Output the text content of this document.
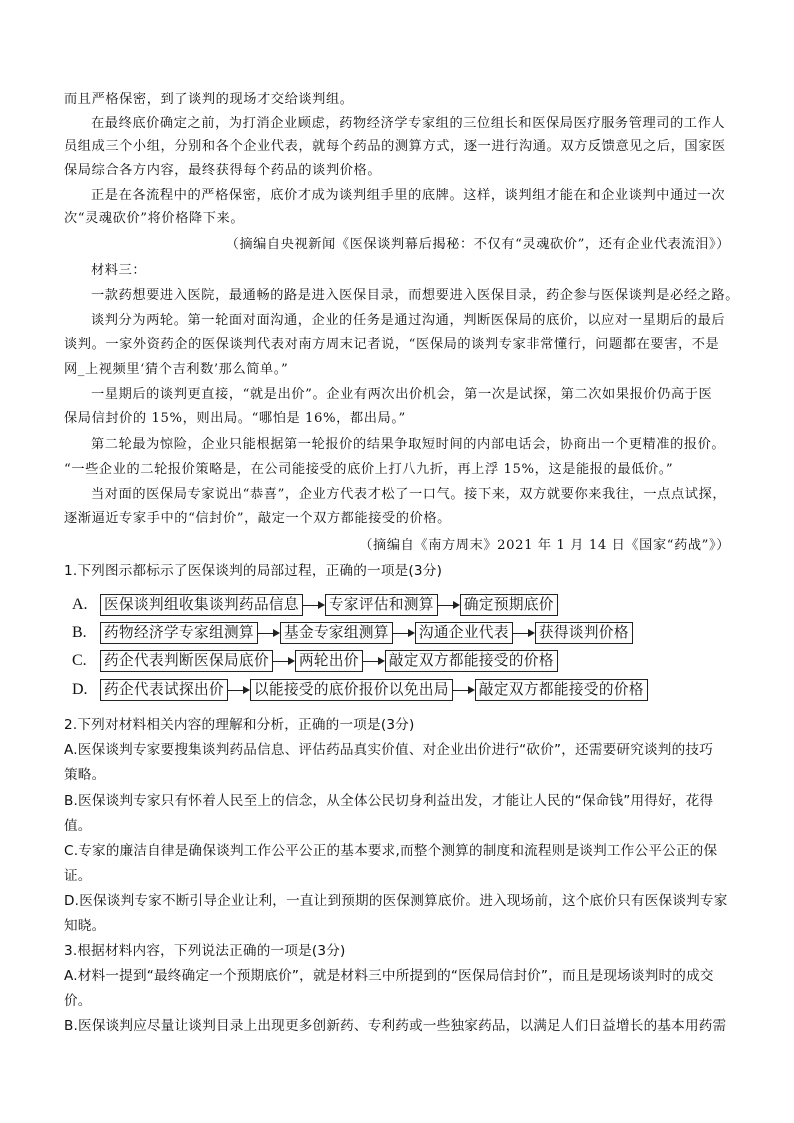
而且严格保密，到了谈判的现场才交给谈判组。
在最终底价确定之前，为打消企业顾虑，药物经济学专家组的三位组长和医保局医疗服务管理司的工作人
员组成三个小组，分别和各个企业代表，就每个药品的测算方式，逐一进行沟通。双方反馈意见之后，国家医
保局综合各方内容，最终获得每个药品的谈判价格。
正是在各流程中的严格保密，底价才成为谈判组手里的底牌。这样，谈判组才能在和企业谈判中通过一次
次“灵魂砍价”将价格降下来。
（摘编自央视新闻《医保谈判幕后揭秘：不仅有“灵魂砍价”，还有企业代表流泪》）
材料三：
一款药想要进入医院，最通畅的路是进入医保目录，而想要进入医保目录，药企参与医保谈判是必经之路。
谈判分为两轮。第一轮面对面沟通，企业的任务是通过沟通，判断医保局的底价，以应对一星期后的最后
谈判。一家外资药企的医保谈判代表对南方周末记者说，“医保局的谈判专家非常懂行，问题都在要害，不是
网_上视频里‘猜个吉利数’那么简单。”
一星期后的谈判更直接，“就是出价”。企业有两次出价机会，第一次是试探，第二次如果报价仍高于医
保局信封价的 15%，则出局。“哪怕是 16%，都出局。”
第二轮最为惊险，企业只能根据第一轮报价的结果争取短时间的内部电话会，协商出一个更精准的报价。
“一些企业的二轮报价策略是，在公司能接受的底价上打八九折，再上浮 15%，这是能报的最低价。”
当对面的医保局专家说出“恭喜”，企业方代表才松了一口气。接下来，双方就要你来我往，一点点试探，
逐渐逼近专家手中的“信封价”，敲定一个双方都能接受的价格。
（摘编自《南方周末》2021 年 1 月 14 日《国家“药战”》）
1.下列图示都标示了医保谈判的局部过程，正确的一项是(3分)
A.	医保谈判组收集谈判药品信息 专家评估和测算 确定预期底价
B.	药物经济学专家组测算 基金专家组测算 沟通企业代表 获得谈判价格
C.	药企代表判断医保局底价 两轮出价 敲定双方都能接受的价格
D.	药企代表试探出价 以能接受的底价报价以免出局 敲定双方都能接受的价格
2.下列对材料相关内容的理解和分析，正确的一项是(3分)
A.医保谈判专家要搜集谈判药品信息、评估药品真实价值、对企业出价进行“砍价”，还需要研究谈判的技巧
策略。
B.医保谈判专家只有怀着人民至上的信念，从全体公民切身利益出发，才能让人民的“保命钱”用得好，花得
值。
C.专家的廉洁自律是确保谈判工作公平公正的基本要求,而整个测算的制度和流程则是谈判工作公平公正的保
证。
D.医保谈判专家不断引导企业让利，一直让到预期的医保测算底价。进入现场前，这个底价只有医保谈判专家
知晓。
3.根据材料内容，下列说法正确的一项是(3分)
A.材料一提到“最终确定一个预期底价”，就是材料三中所提到的“医保局信封价”，而且是现场谈判时的成交
价。
B.医保谈判应尽量让谈判目录上出现更多创新药、专利药或一些独家药品，以满足人们日益增长的基本用药需
